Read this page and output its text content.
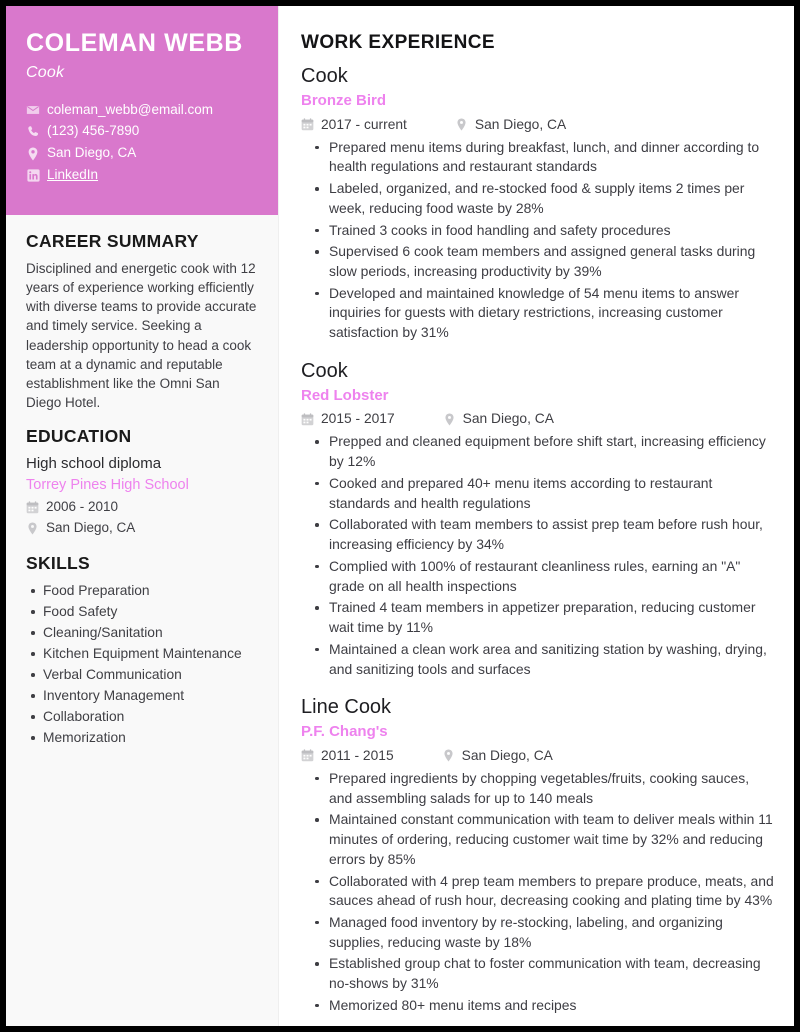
COLEMAN WEBB
Cook
coleman_webb@email.com
(123) 456-7890
San Diego, CA
LinkedIn
CAREER SUMMARY

Disciplined and energetic cook with 12 years of experience working efficiently with diverse teams to provide accurate and timely service. Seeking a leadership opportunity to head a cook team at a dynamic and reputable establishment like the Omni San Diego Hotel.

EDUCATION
High school diploma
Torrey Pines High School
2006 - 2010
San Diego, CA
SKILLS
Food Preparation
Food Safety
Cleaning/Sanitation
Kitchen Equipment Maintenance
Verbal Communication
Inventory Management
Collaboration
Memorization
WORK EXPERIENCE
Cook
Bronze Bird
2017 - current	San Diego, CA
Prepared menu items during breakfast, lunch, and dinner according to health regulations and restaurant standards
Labeled, organized, and re-stocked food & supply items 2 times per week, reducing food waste by 28%
Trained 3 cooks in food handling and safety procedures
Supervised 6 cook team members and assigned general tasks during slow periods, increasing productivity by 39%
Developed and maintained knowledge of 54 menu items to answer inquiries for guests with dietary restrictions, increasing customer satisfaction by 31%
Cook
Red Lobster
2015 - 2017	San Diego, CA
Prepped and cleaned equipment before shift start, increasing efficiency by 12%
Cooked and prepared 40+ menu items according to restaurant standards and health regulations
Collaborated with team members to assist prep team before rush hour, increasing efficiency by 34%
Complied with 100% of restaurant cleanliness rules, earning an "A" grade on all health inspections
Trained 4 team members in appetizer preparation, reducing customer wait time by 11%
Maintained a clean work area and sanitizing station by washing, drying, and sanitizing tools and surfaces
Line Cook
P.F. Chang's
2011 - 2015	San Diego, CA
Prepared ingredients by chopping vegetables/fruits, cooking sauces, and assembling salads for up to 140 meals
Maintained constant communication with team to deliver meals within 11 minutes of ordering, reducing customer wait time by 32% and reducing errors by 85%
Collaborated with 4 prep team members to prepare produce, meats, and sauces ahead of rush hour, decreasing cooking and plating time by 43%
Managed food inventory by re-stocking, labeling, and organizing supplies, reducing waste by 18%
Established group chat to foster communication with team, decreasing no-shows by 31%
Memorized 80+ menu items and recipes
